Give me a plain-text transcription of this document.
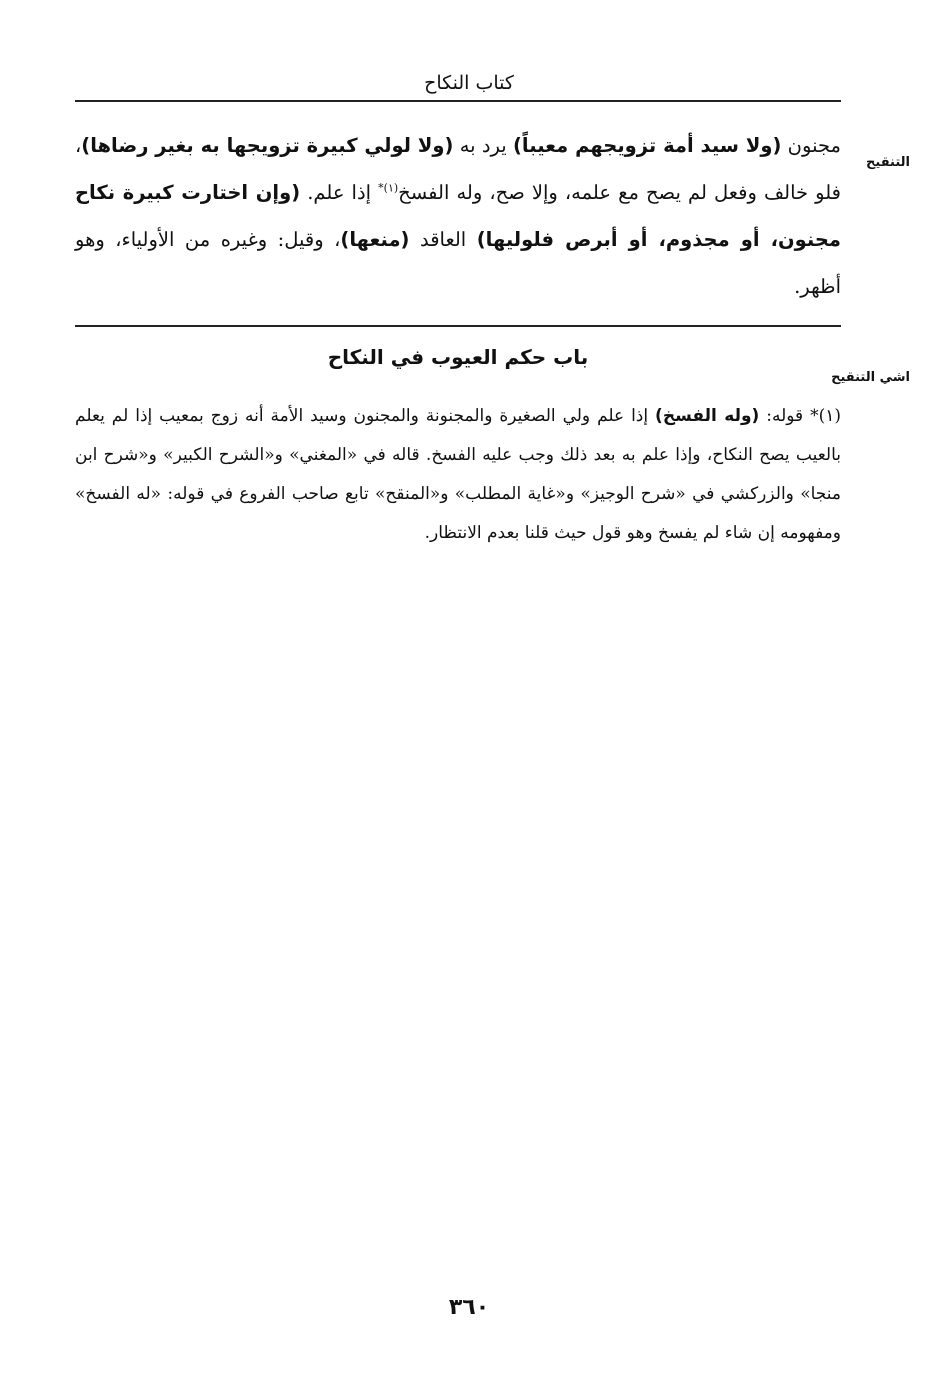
كتاب النكاح
التنقيح
مجنون (ولا سيد أمة تزويجهم معيباً) يرد به (ولا لولي كبيرة تزويجها به بغير رضاها)، فلو خالف وفعل لم يصح مع علمه، وإلا صح، وله الفسخ$^{(١)*}$ إذا علم. (وإن اختارت كبيرة نكاح مجنون، أو مجذوم، أو أبرص فلوليها) العاقد (منعها)، وقيل: وغيره من الأولياء، وهو أظهر.
باب حكم العيوب في النكاح
اشي التنقيح
(١)* قوله: (وله الفسخ) إذا علم ولي الصغيرة والمجنونة والمجنون وسيد الأمة أنه زوج بمعيب إذا لم يعلم بالعيب يصح النكاح، وإذا علم به بعد ذلك وجب عليه الفسخ. قاله في «المغني» و«الشرح الكبير» و«شرح ابن منجا» والزركشي في «شرح الوجيز» و«غاية المطلب» و«المنقح» تابع صاحب الفروع في قوله: «له الفسخ» ومفهومه إن شاء لم يفسخ وهو قول حيث قلنا بعدم الانتظار.
٣٦٠
